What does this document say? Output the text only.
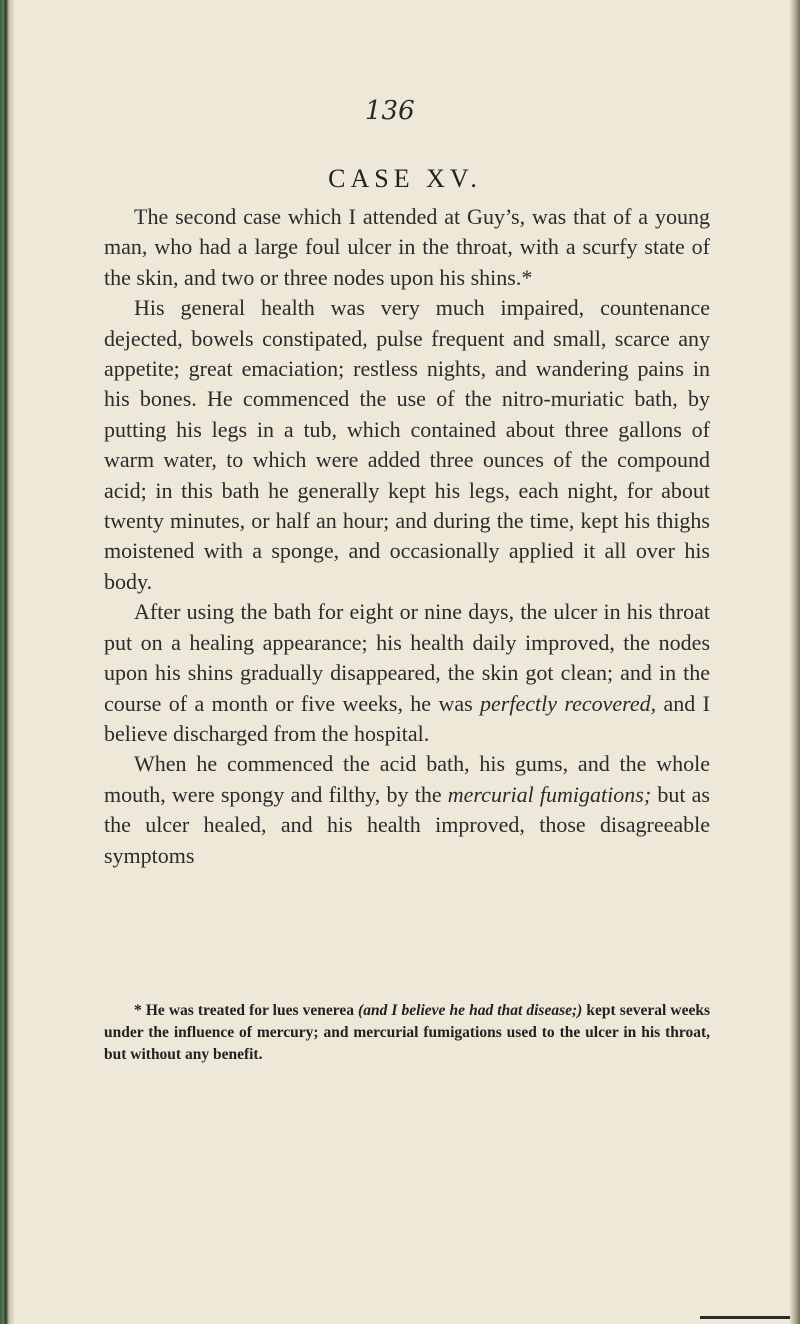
136
CASE XV.

The second case which I attended at Guy’s, was that of a young man, who had a large foul ulcer in the throat, with a scurfy state of the skin, and two or three nodes upon his shins.*

His general health was very much impaired, countenance dejected, bowels constipated, pulse frequent and small, scarce any appetite; great emaciation; restless nights, and wandering pains in his bones. He commenced the use of the nitro-muriatic bath, by putting his legs in a tub, which contained about three gallons of warm water, to which were added three ounces of the compound acid; in this bath he generally kept his legs, each night, for about twenty minutes, or half an hour; and during the time, kept his thighs moistened with a sponge, and occasionally applied it all over his body.

After using the bath for eight or nine days, the ulcer in his throat put on a healing appearance; his health daily improved, the nodes upon his shins gradually disappeared, the skin got clean; and in the course of a month or five weeks, he was perfectly recovered, and I believe discharged from the hospital.

When he commenced the acid bath, his gums, and the whole mouth, were spongy and filthy, by the mercurial fumigations; but as the ulcer healed, and his health improved, those disagreeable symptoms

* He was treated for lues venerea (and I believe he had that disease;) kept several weeks under the influence of mercury; and mercurial fumigations used to the ulcer in his throat, but without any benefit.
